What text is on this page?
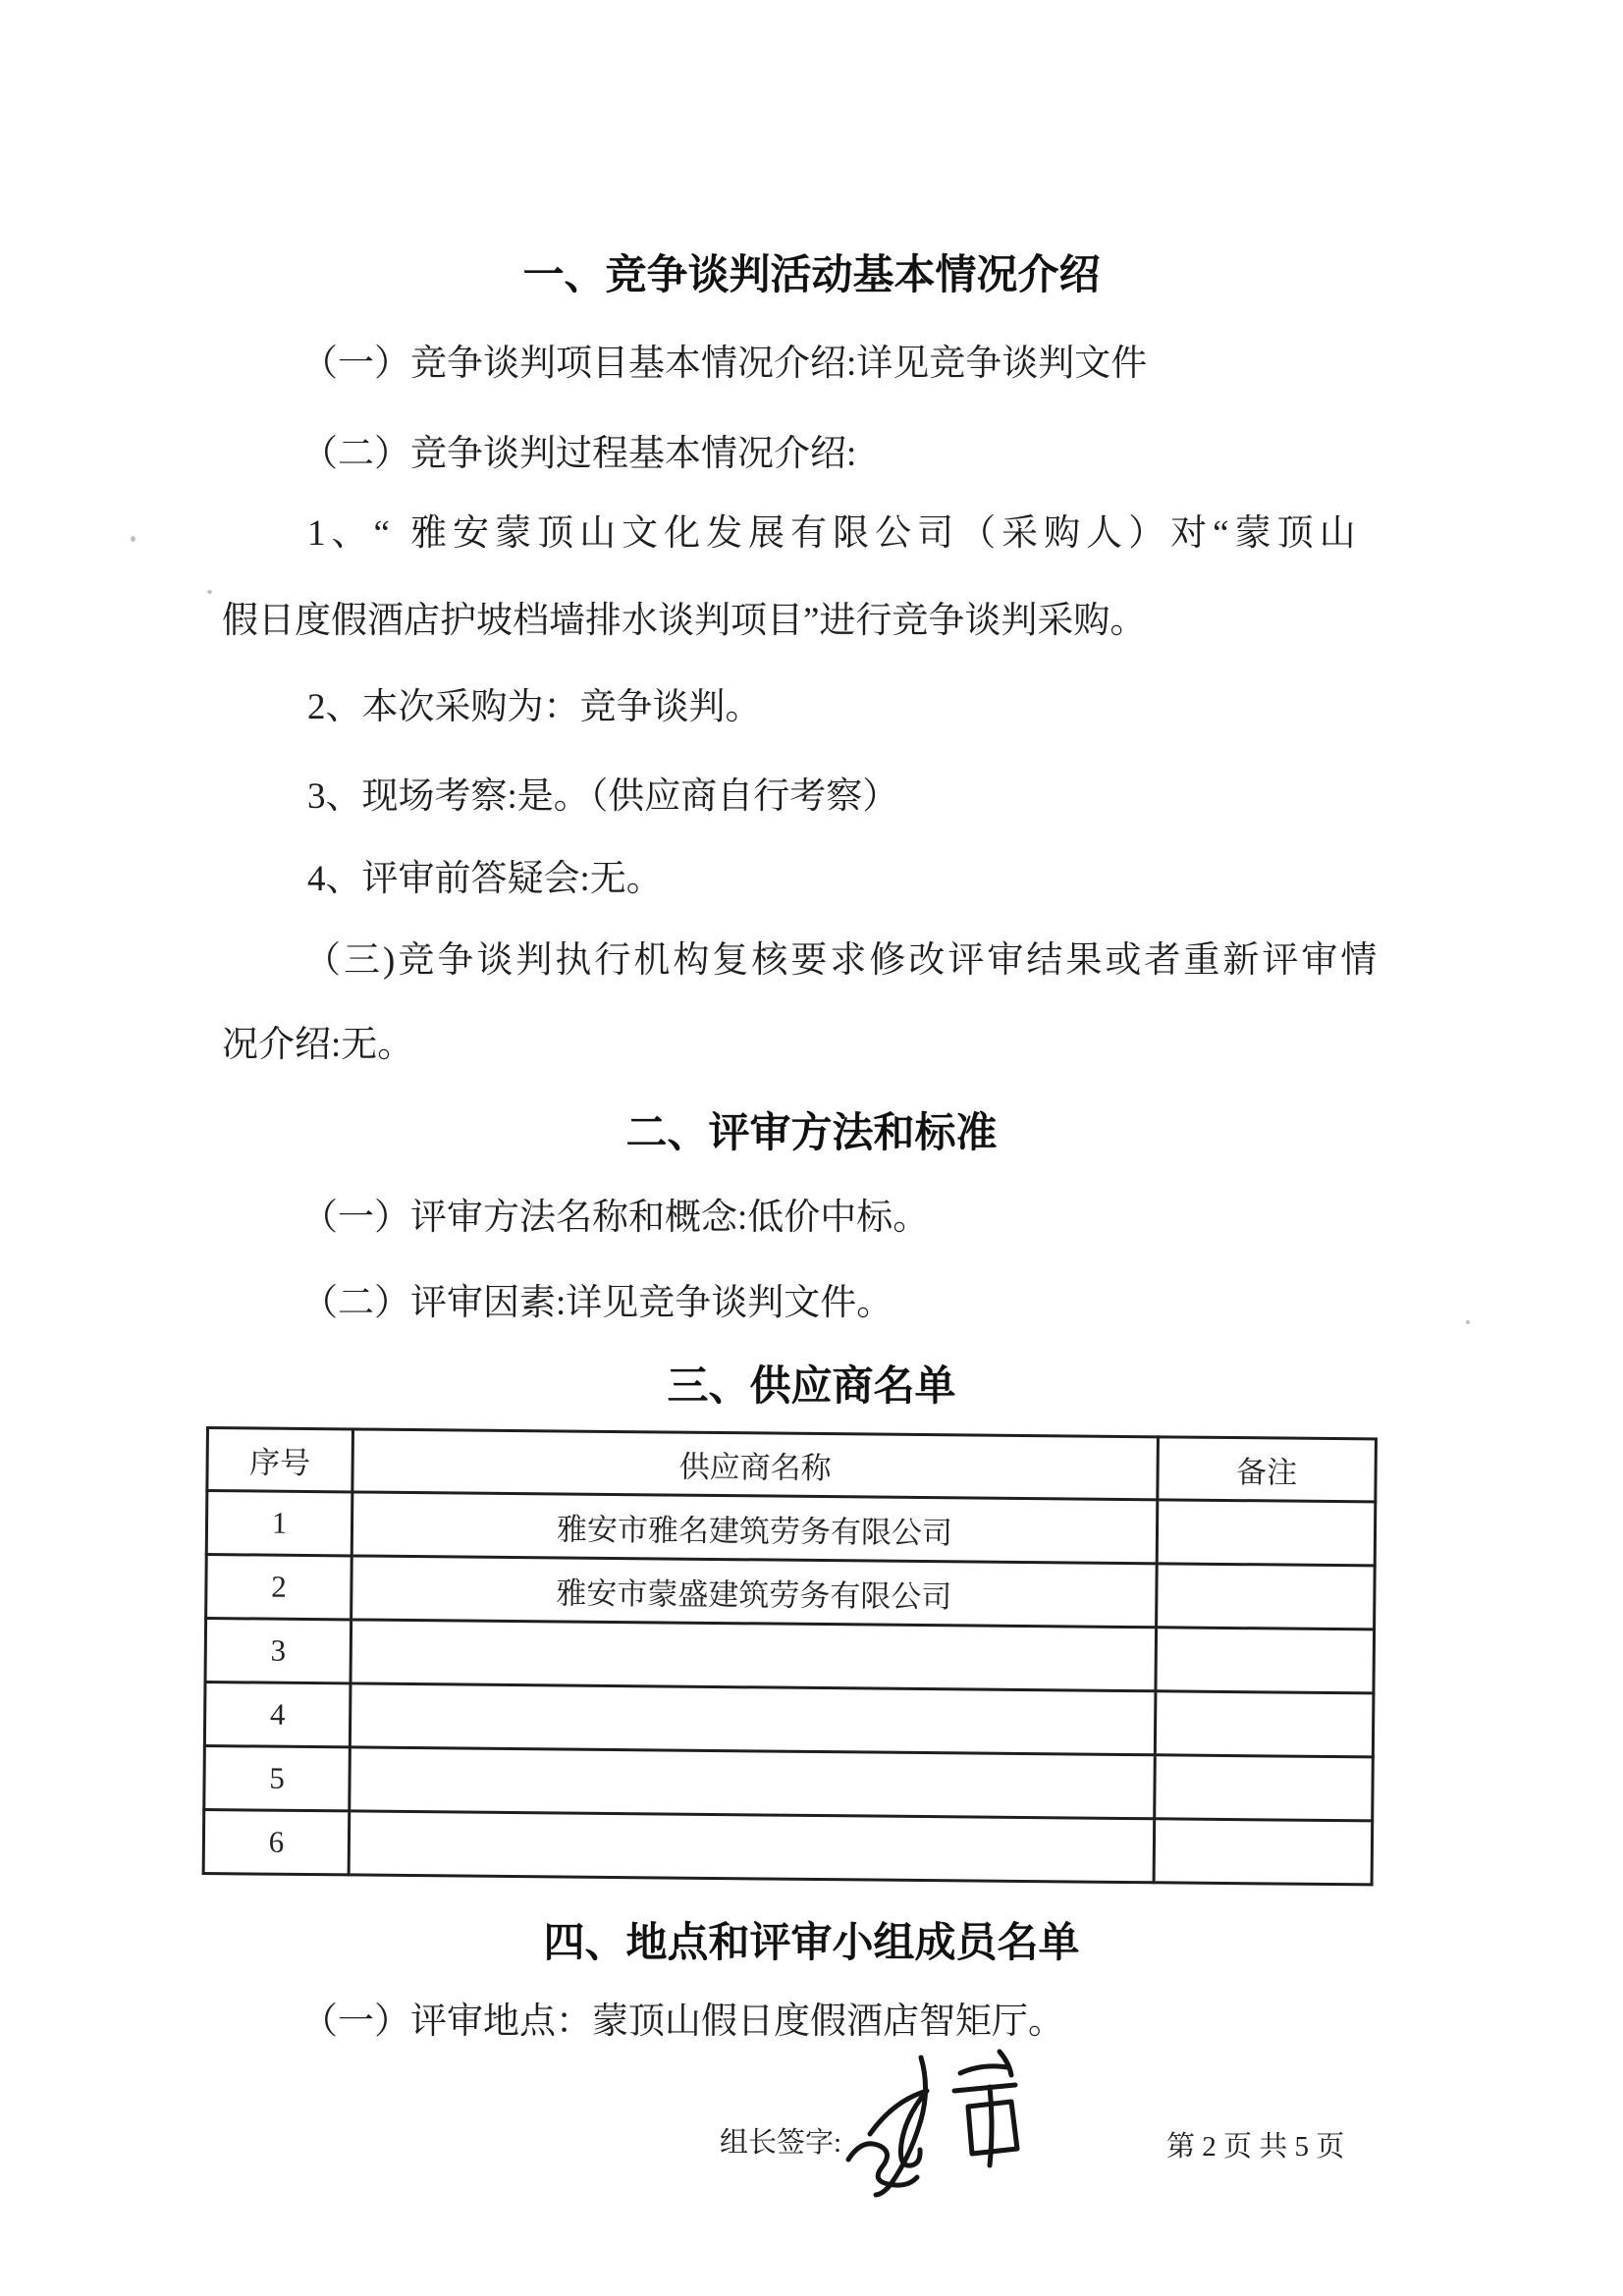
一、竞争谈判活动基本情况介绍
（一）竞争谈判项目基本情况介绍:详见竞争谈判文件
（二）竞争谈判过程基本情况介绍:
1、“ 雅安蒙顶山文化发展有限公司（采购人）对“蒙顶山
假日度假酒店护坡档墙排水谈判项目”进行竞争谈判采购。
2、本次采购为：竞争谈判。
3、现场考察:是。（供应商自行考察）
4、评审前答疑会:无。
（三)竞争谈判执行机构复核要求修改评审结果或者重新评审情
况介绍:无。
二、评审方法和标准
（一）评审方法名称和概念:低价中标。
（二）评审因素:详见竞争谈判文件。
三、供应商名单
序号	供应商名称	备注
1	雅安市雅名建筑劳务有限公司	
2	雅安市蒙盛建筑劳务有限公司	
3		
4		
5		
6		
四、地点和评审小组成员名单
（一）评审地点：蒙顶山假日度假酒店智矩厅。
组长签字:	第 2 页 共 5 页
